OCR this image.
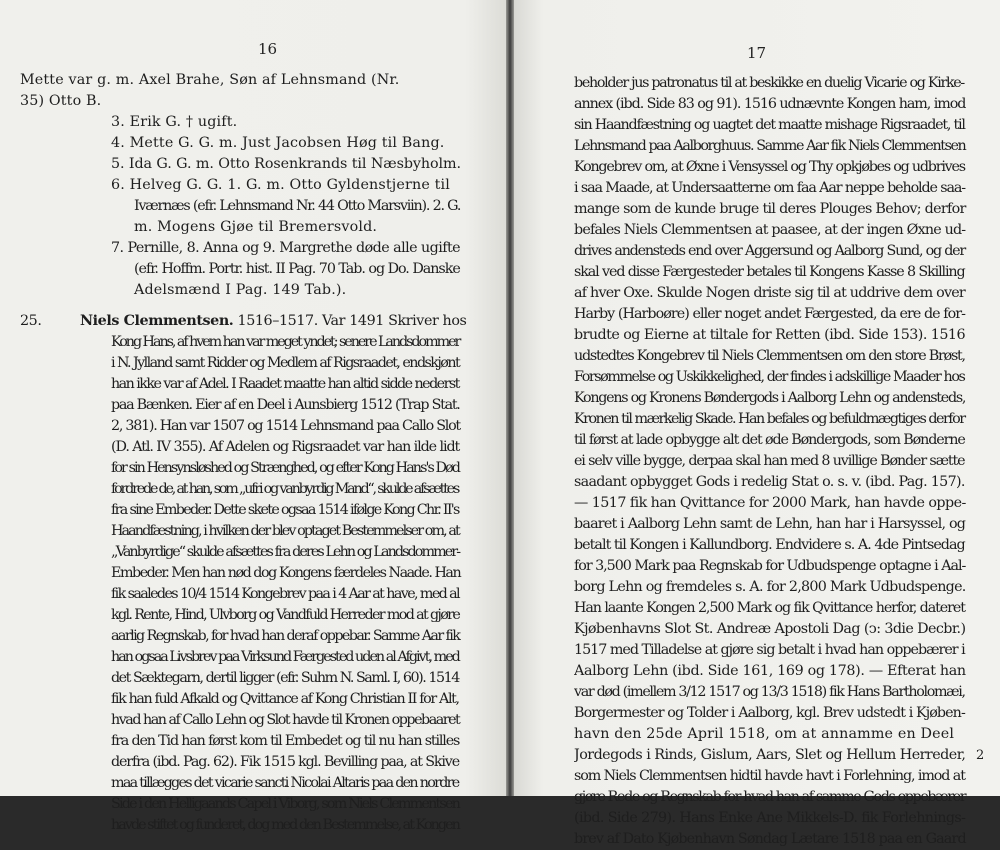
16
Mette var g. m. Axel Brahe, Søn af Lehnsmand (Nr.
35) Otto B.
3. Erik G. † ugift.
4. Mette G. G. m. Just Jacobsen Høg til Bang.
5. Ida G. G. m. Otto Rosenkrands til Næsbyholm.
6. Helveg G. G. 1. G. m. Otto Gyldenstjerne til
Iværnæs (efr. Lehnsmand Nr. 44 Otto Marsviin). 2. G.
m. Mogens Gjøe til Bremersvold.
7. Pernille, 8. Anna og 9. Margrethe døde alle ugifte
(efr. Hoffm. Portr. hist. II Pag. 70 Tab. og Do. Danske
Adelsmænd I Pag. 149 Tab.).
25.	Niels Clemmentsen. 1516–1517. Var 1491 Skriver hos
Kong Hans, af hvem han var meget yndet; senere Landsdommer
i N. Jylland samt Ridder og Medlem af Rigsraadet, endskjønt
han ikke var af Adel. I Raadet maatte han altid sidde nederst
paa Bænken. Eier af en Deel i Aunsbierg 1512 (Trap Stat.
2, 381). Han var 1507 og 1514 Lehnsmand paa Callo Slot
(D. Atl. IV 355). Af Adelen og Rigsraadet var han ilde lidt
for sin Hensynsløshed og Strænghed, og efter Kong Hans's Død
fordrede de, at han, som „ufri og vanbyrdig Mand“, skulde afsættes
fra sine Embeder. Dette skete ogsaa 1514 ifølge Kong Chr. II's
Haandfæstning, i hvilken der blev optaget Bestemmelser om, at
„Vanbyrdige“ skulde afsættes fra deres Lehn og Landsdommer-
Embeder. Men han nød dog Kongens færdeles Naade. Han
fik saaledes 10/4 1514 Kongebrev paa i 4 Aar at have, med al
kgl. Rente, Hind, Ulvborg og Vandfuld Herreder mod at gjøre
aarlig Regnskab, for hvad han deraf oppebar. Samme Aar fik
han ogsaa Livsbrev paa Virksund Færgested uden al Afgivt, med
det Sæktegarn, dertil ligger (efr. Suhm N. Saml. I, 60). 1514
fik han fuld Afkald og Qvittance af Kong Christian II for Alt,
hvad han af Callo Lehn og Slot havde til Kronen oppebaaret
fra den Tid han først kom til Embedet og til nu han stilles
derfra (ibd. Pag. 62). Fik 1515 kgl. Bevilling paa, at Skive
maa tillægges det vicarie sancti Nicolai Altaris paa den nordre
Side i den Helligaands Capel i Viborg, som Niels Clemmentsen
havde stiftet og funderet, dog med den Bestemmelse, at Kongen
17
beholder jus patronatus til at beskikke en duelig Vicarie og Kirke-
annex (ibd. Side 83 og 91). 1516 udnævnte Kongen ham, imod
sin Haandfæstning og uagtet det maatte mishage Rigsraadet, til
Lehnsmand paa Aalborghuus. Samme Aar fik Niels Clemmentsen
Kongebrev om, at Øxne i Vensyssel og Thy opkjøbes og udbrives
i saa Maade, at Undersaatterne om faa Aar neppe beholde saa-
mange som de kunde bruge til deres Plouges Behov; derfor
befales Niels Clemmentsen at paasee, at der ingen Øxne ud-
drives andensteds end over Aggersund og Aalborg Sund, og der
skal ved disse Færgesteder betales til Kongens Kasse 8 Skilling
af hver Oxe. Skulde Nogen driste sig til at uddrive dem over
Harby (Harboøre) eller noget andet Færgested, da ere de for-
brudte og Eierne at tiltale for Retten (ibd. Side 153). 1516
udstedtes Kongebrev til Niels Clemmentsen om den store Brøst,
Forsømmelse og Uskikkelighed, der findes i adskillige Maader hos
Kongens og Kronens Bøndergods i Aalborg Lehn og andensteds,
Kronen til mærkelig Skade. Han befales og befuldmægtiges derfor
til først at lade opbygge alt det øde Bøndergods, som Bønderne
ei selv ville bygge, derpaa skal han med 8 uvillige Bønder sætte
saadant opbygget Gods i redelig Stat o. s. v. (ibd. Pag. 157).
— 1517 fik han Qvittance for 2000 Mark, han havde oppe-
baaret i Aalborg Lehn samt de Lehn, han har i Harsyssel, og
betalt til Kongen i Kallundborg. Endvidere s. A. 4de Pintsedag
for 3,500 Mark paa Regnskab for Udbudspenge optagne i Aal-
borg Lehn og fremdeles s. A. for 2,800 Mark Udbudspenge.
Han laante Kongen 2,500 Mark og fik Qvittance herfor, dateret
Kjøbenhavns Slot St. Andreæ Apostoli Dag (ↄ: 3die Decbr.)
1517 med Tilladelse at gjøre sig betalt i hvad han oppebærer i
Aalborg Lehn (ibd. Side 161, 169 og 178). — Efterat han
var død (imellem 3/12 1517 og 13/3 1518) fik Hans Bartholomæi,
Borgermester og Tolder i Aalborg, kgl. Brev udstedt i Kjøben-
havn den 25de April 1518, om at annamme en Deel
Jordegods i Rinds, Gislum, Aars, Slet og Hellum Herreder,
som Niels Clemmentsen hidtil havde havt i Forlehning, imod at
gjøre Rede og Regnskab for hvad han af samme Gods oppebærer
(ibd. Side 279). Hans Enke Ane Mikkels-D. fik Forlehnings-
brev af Dato Kjøbenhavn Søndag Lætare 1518 paa en Gaard
2
